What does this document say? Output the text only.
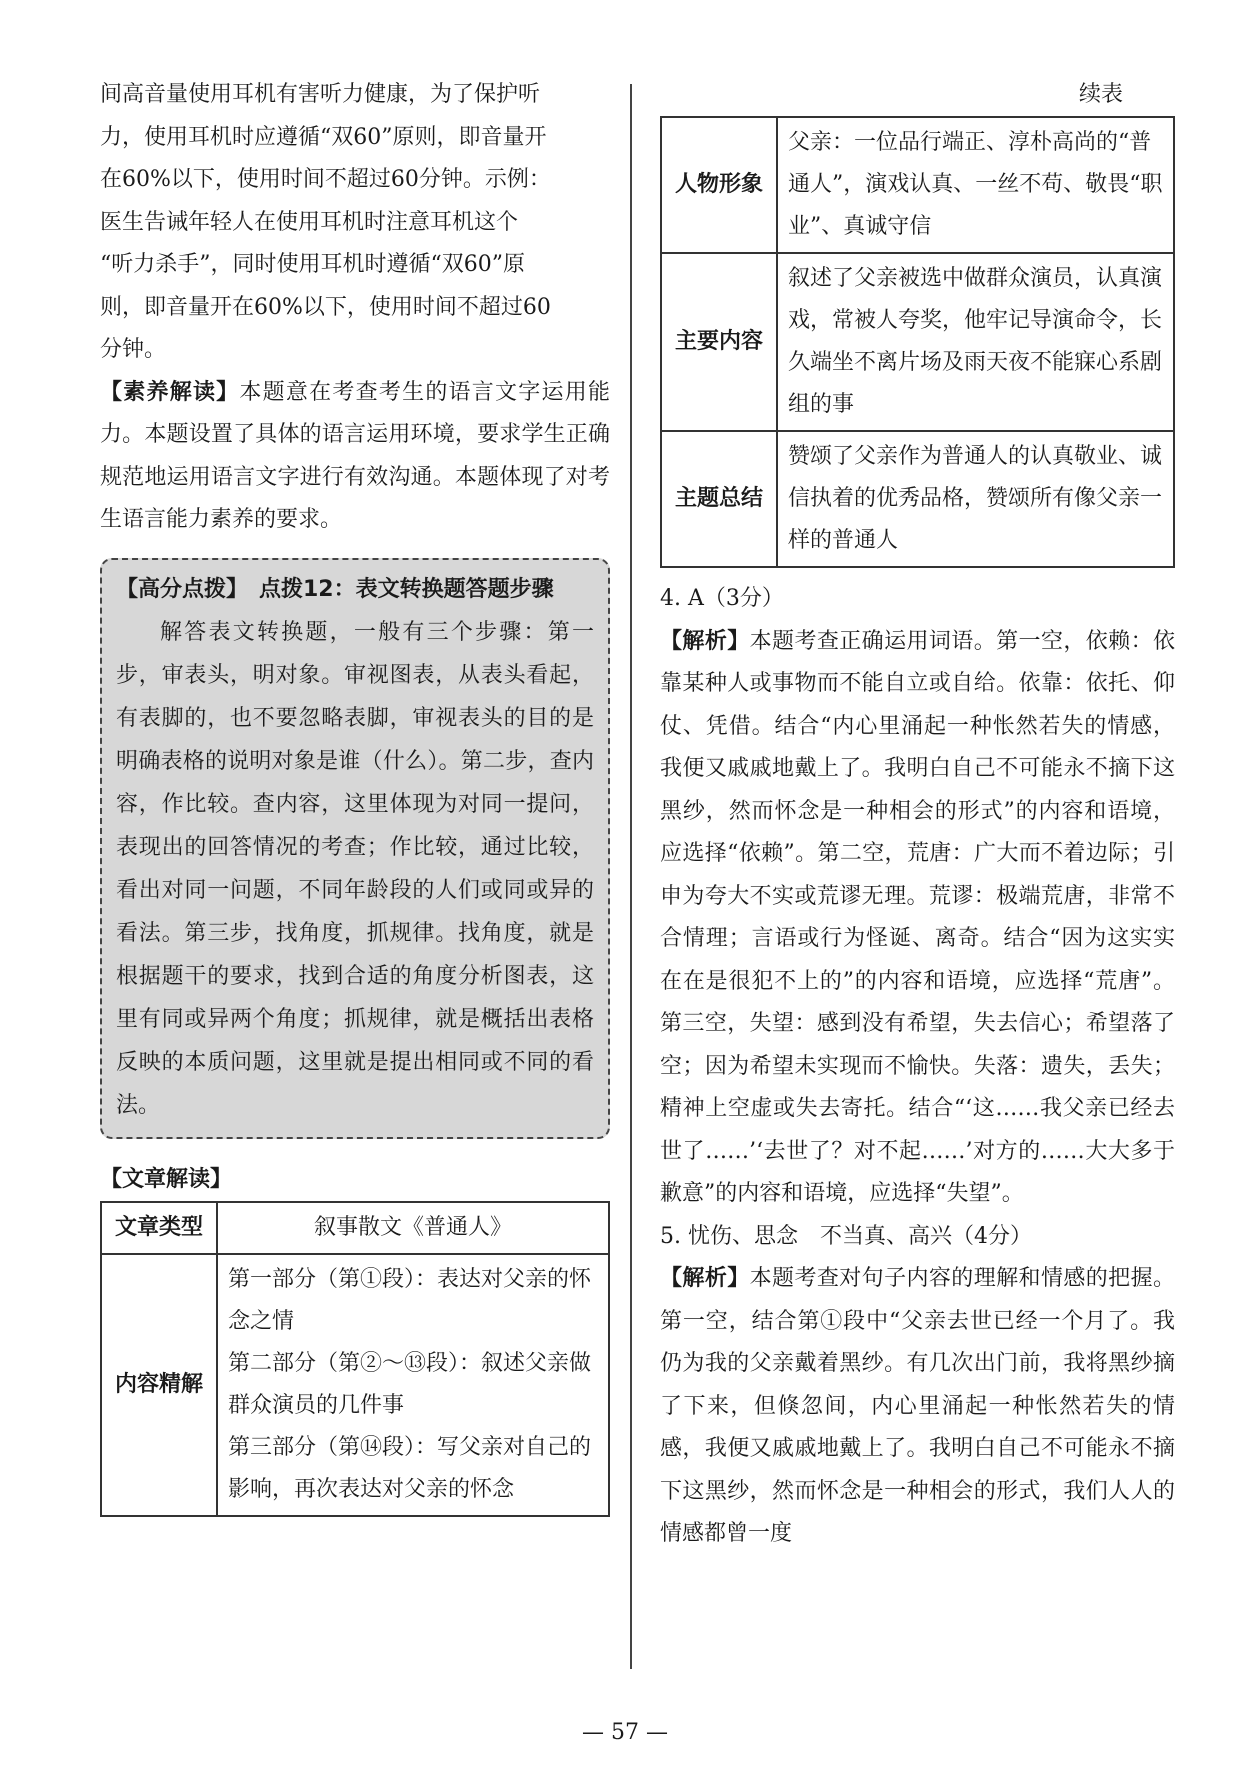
间高音量使用耳机有害听力健康，为了保护听

力，使用耳机时应遵循“双60”原则，即音量开

在60%以下，使用时间不超过60分钟。示例：

医生告诫年轻人在使用耳机时注意耳机这个

“听力杀手”，同时使用耳机时遵循“双60”原

则，即音量开在60%以下，使用时间不超过60

分钟。

【素养解读】本题意在考查考生的语言文字运用能力。本题设置了具体的语言运用环境，要求学生正确规范地运用语言文字进行有效沟通。本题体现了对考生语言能力素养的要求。

【高分点拨】　点拨12：表文转换题答题步骤

解答表文转换题，一般有三个步骤：第一步，审表头，明对象。审视图表，从表头看起，有表脚的，也不要忽略表脚，审视表头的目的是明确表格的说明对象是谁（什么）。第二步，查内容，作比较。查内容，这里体现为对同一提问，表现出的回答情况的考查；作比较，通过比较，看出对同一问题，不同年龄段的人们或同或异的看法。第三步，找角度，抓规律。找角度，就是根据题干的要求，找到合适的角度分析图表，这里有同或异两个角度；抓规律，就是概括出表格反映的本质问题，这里就是提出相同或不同的看法。

【文章解读】
文章类型	叙事散文《普通人》
内容精解	第一部分（第①段）：表达对父亲的怀念之情
第二部分（第②～⑬段）：叙述父亲做群众演员的几件事
第三部分（第⑭段）：写父亲对自己的影响，再次表达对父亲的怀念
续表
人物形象	父亲：一位品行端正、淳朴高尚的“普通人”，演戏认真、一丝不苟、敬畏“职业”、真诚守信
主要内容	叙述了父亲被选中做群众演员，认真演戏，常被人夸奖，他牢记导演命令，长久端坐不离片场及雨天夜不能寐心系剧组的事
主题总结	赞颂了父亲作为普通人的认真敬业、诚信执着的优秀品格，赞颂所有像父亲一样的普通人
4. A（3分）

【解析】本题考查正确运用词语。第一空，依赖：依靠某种人或事物而不能自立或自给。依靠：依托、仰仗、凭借。结合“内心里涌起一种怅然若失的情感，我便又戚戚地戴上了。我明白自己不可能永不摘下这黑纱，然而怀念是一种相会的形式”的内容和语境，应选择“依赖”。第二空，荒唐：广大而不着边际；引申为夸大不实或荒谬无理。荒谬：极端荒唐，非常不合情理；言语或行为怪诞、离奇。结合“因为这实实在在是很犯不上的”的内容和语境，应选择“荒唐”。第三空，失望：感到没有希望，失去信心；希望落了空；因为希望未实现而不愉快。失落：遗失，丢失；精神上空虚或失去寄托。结合“‘这……我父亲已经去世了……’‘去世了？对不起……’对方的……大大多于歉意”的内容和语境，应选择“失望”。

5. 忧伤、思念　不当真、高兴（4分）

【解析】本题考查对句子内容的理解和情感的把握。第一空，结合第①段中“父亲去世已经一个月了。我仍为我的父亲戴着黑纱。有几次出门前，我将黑纱摘了下来，但倏忽间，内心里涌起一种怅然若失的情感，我便又戚戚地戴上了。我明白自己不可能永不摘下这黑纱，然而怀念是一种相会的形式，我们人人的情感都曾一度

— 57 —
